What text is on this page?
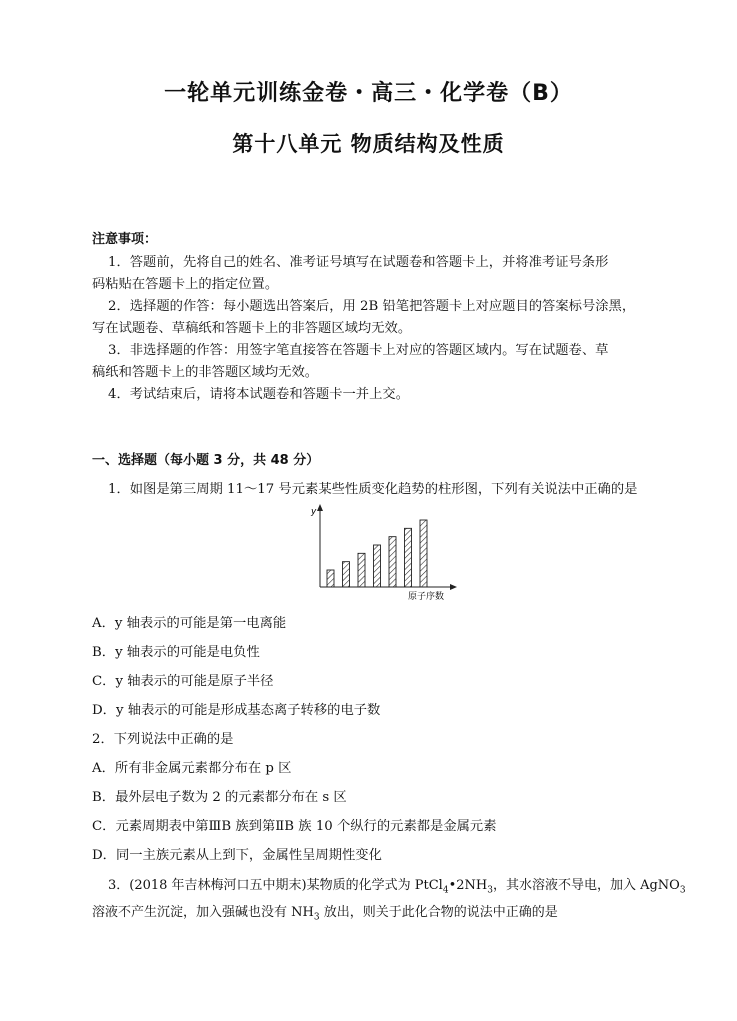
一轮单元训练金卷・高三・化学卷（B）
第十八单元 物质结构及性质
注意事项：
1．答题前，先将自己的姓名、准考证号填写在试题卷和答题卡上，并将准考证号条形
码粘贴在答题卡上的指定位置。
2．选择题的作答：每小题选出答案后，用 2B 铅笔把答题卡上对应题目的答案标号涂黑，
写在试题卷、草稿纸和答题卡上的非答题区域均无效。
3．非选择题的作答：用签字笔直接答在答题卡上对应的答题区域内。写在试题卷、草
稿纸和答题卡上的非答题区域均无效。
4．考试结束后，请将本试题卷和答题卡一并上交。
一、选择题（每小题 3 分，共 48 分）
1．如图是第三周期 11～17 号元素某些性质变化趋势的柱形图，下列有关说法中正确的是
y
原子序数
A．y 轴表示的可能是第一电离能
B．y 轴表示的可能是电负性
C．y 轴表示的可能是原子半径
D．y 轴表示的可能是形成基态离子转移的电子数
2．下列说法中正确的是
A．所有非金属元素都分布在 p 区
B．最外层电子数为 2 的元素都分布在 s 区
C．元素周期表中第ⅢB 族到第ⅡB 族 10 个纵行的元素都是金属元素
D．同一主族元素从上到下，金属性呈周期性变化
3．(2018 年吉林梅河口五中期末)某物质的化学式为 $PtCl_4•2NH_3$，其水溶液不导电，加入 AgNO$_3$
溶液不产生沉淀，加入强碱也没有 $NH_3$ 放出，则关于此化合物的说法中正确的是
